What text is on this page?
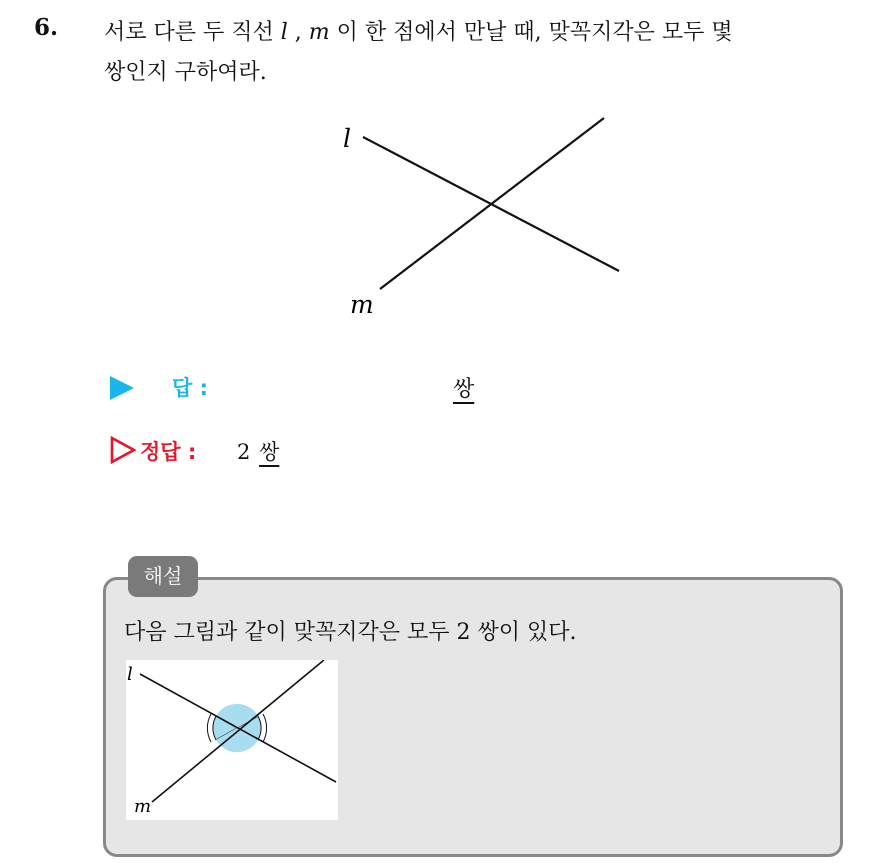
6. 서로 다른 두 직선 l , m 이 한 점에서 만날 때, 맞꼭지각은 모두 몇
쌍인지 구하여라.
l
m
답 :	쌍
정답 : 2 쌍
해설
다음 그림과 같이 맞꼭지각은 모두 2 쌍이 있다.
l
m
